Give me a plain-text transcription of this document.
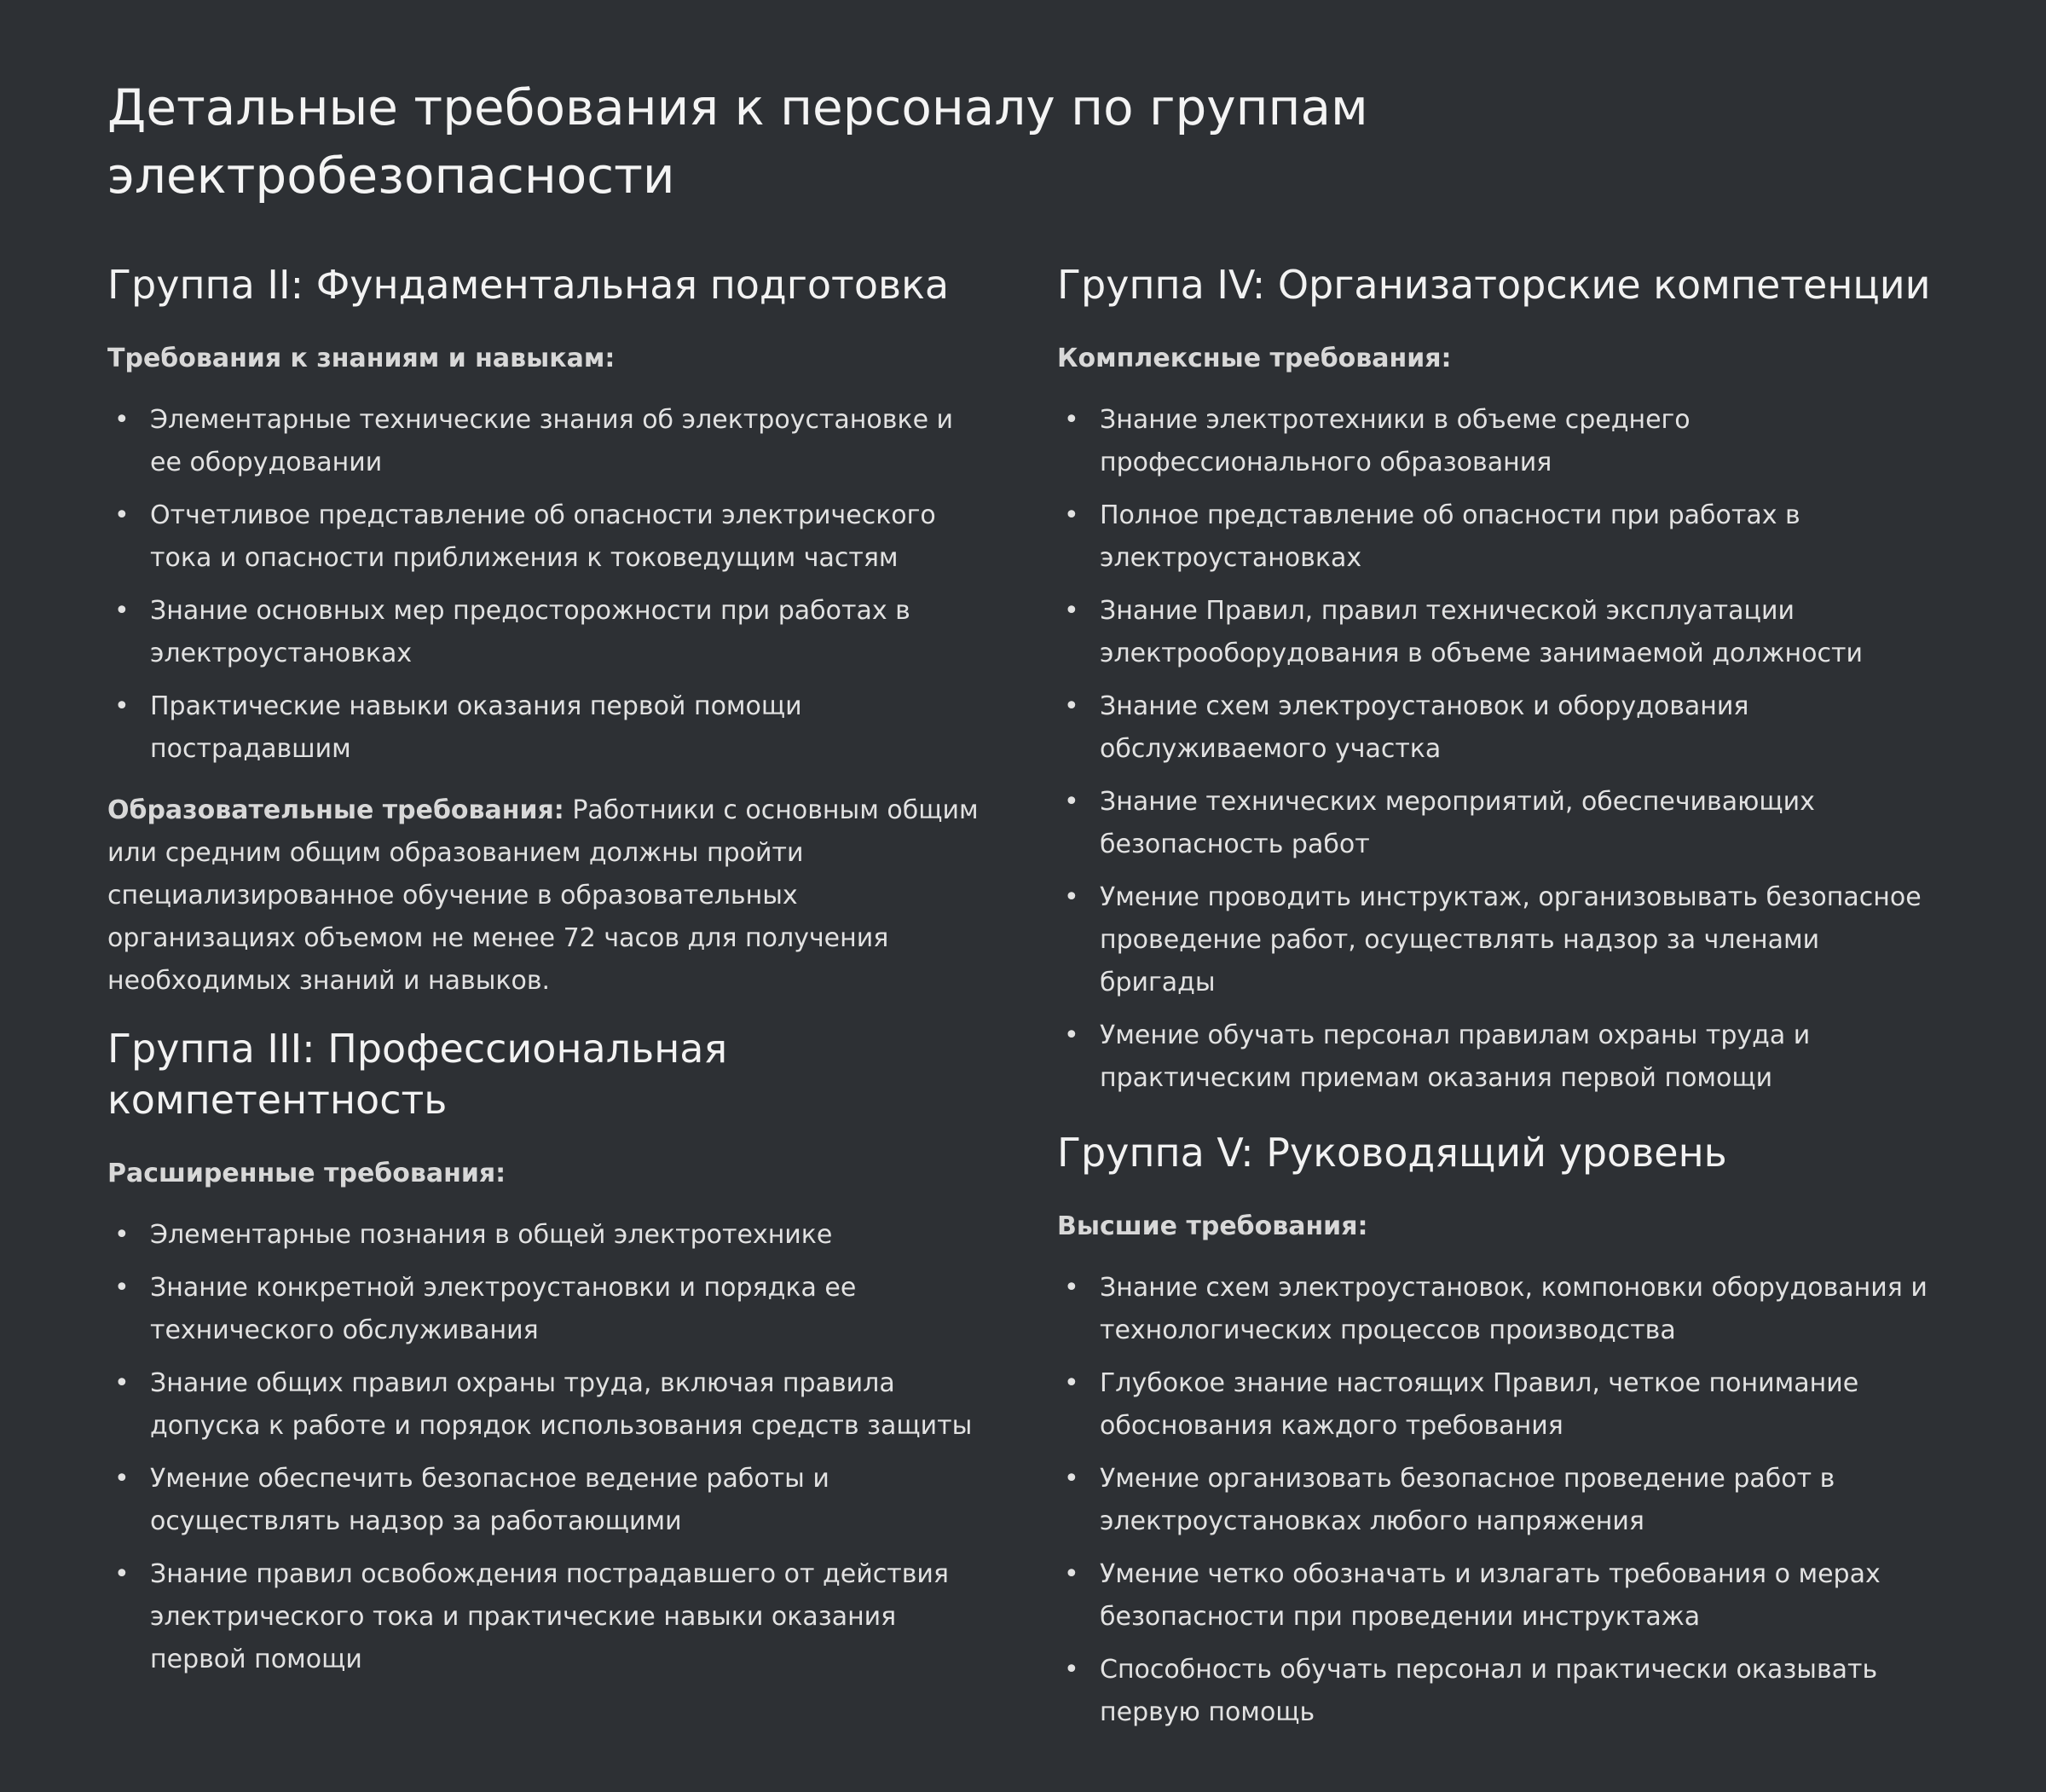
Детальные требования к персоналу по группам электробезопасности
Группа II: Фундаментальная подготовка
Требования к знаниям и навыкам:
• Элементарные технические знания об электроустановке и ее оборудовании
• Отчетливое представление об опасности электрического тока и опасности приближения к токоведущим частям
• Знание основных мер предосторожности при работах в электроустановках
• Практические навыки оказания первой помощи пострадавшим

Образовательные требования: Работники с основным общим или средним общим образованием должны пройти специализированное обучение в образовательных организациях объемом не менее 72 часов для получения необходимых знаний и навыков.

Группа III: Профессиональная компетентность
Расширенные требования:
• Элементарные познания в общей электротехнике
• Знание конкретной электроустановки и порядка ее технического обслуживания
• Знание общих правил охраны труда, включая правила допуска к работе и порядок использования средств защиты
• Умение обеспечить безопасное ведение работы и осуществлять надзор за работающими
• Знание правил освобождения пострадавшего от действия электрического тока и практические навыки оказания первой помощи
Группа IV: Организаторские компетенции
Комплексные требования:
• Знание электротехники в объеме среднего профессионального образования
• Полное представление об опасности при работах в электроустановках
• Знание Правил, правил технической эксплуатации электрооборудования в объеме занимаемой должности
• Знание схем электроустановок и оборудования обслуживаемого участка
• Знание технических мероприятий, обеспечивающих безопасность работ
• Умение проводить инструктаж, организовывать безопасное проведение работ, осуществлять надзор за членами бригады
• Умение обучать персонал правилам охраны труда и практическим приемам оказания первой помощи
Группа V: Руководящий уровень
Высшие требования:
• Знание схем электроустановок, компоновки оборудования и технологических процессов производства
• Глубокое знание настоящих Правил, четкое понимание обоснования каждого требования
• Умение организовать безопасное проведение работ в электроустановках любого напряжения
• Умение четко обозначать и излагать требования о мерах безопасности при проведении инструктажа
• Способность обучать персонал и практически оказывать первую помощь
